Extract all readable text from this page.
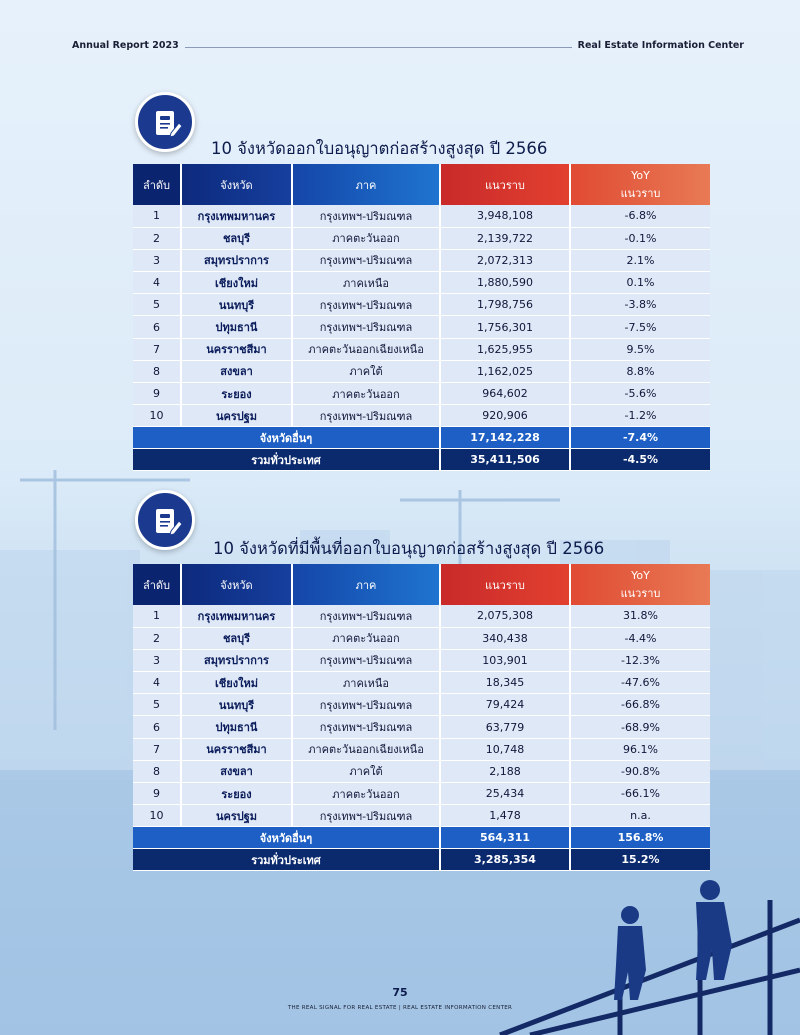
Annual Report 2023	Real Estate Information Center
10 จังหวัดออกใบอนุญาตก่อสร้างสูงสุด ปี 2566
ลำดับ	จังหวัด	ภาค	แนวราบ	YoY
แนวราบ

1	กรุงเทพมหานคร	กรุงเทพฯ-ปริมณฑล	3,948,108	-6.8%
2	ชลบุรี	ภาคตะวันออก	2,139,722	-0.1%
3	สมุทรปราการ	กรุงเทพฯ-ปริมณฑล	2,072,313	2.1%
4	เชียงใหม่	ภาคเหนือ	1,880,590	0.1%
5	นนทบุรี	กรุงเทพฯ-ปริมณฑล	1,798,756	-3.8%
6	ปทุมธานี	กรุงเทพฯ-ปริมณฑล	1,756,301	-7.5%
7	นครราชสีมา	ภาคตะวันออกเฉียงเหนือ	1,625,955	9.5%
8	สงขลา	ภาคใต้	1,162,025	8.8%
9	ระยอง	ภาคตะวันออก	964,602	-5.6%
10	นครปฐม	กรุงเทพฯ-ปริมณฑล	920,906	-1.2%
จังหวัดอื่นๆ			17,142,228	-7.4%
รวมทั่วประเทศ			35,411,506	-4.5%
10 จังหวัดที่มีพื้นที่ออกใบอนุญาตก่อสร้างสูงสุด ปี 2566
ลำดับ	จังหวัด	ภาค	แนวราบ	YoY
แนวราบ

1	กรุงเทพมหานคร	กรุงเทพฯ-ปริมณฑล	2,075,308	31.8%
2	ชลบุรี	ภาคตะวันออก	340,438	-4.4%
3	สมุทรปราการ	กรุงเทพฯ-ปริมณฑล	103,901	-12.3%
4	เชียงใหม่	ภาคเหนือ	18,345	-47.6%
5	นนทบุรี	กรุงเทพฯ-ปริมณฑล	79,424	-66.8%
6	ปทุมธานี	กรุงเทพฯ-ปริมณฑล	63,779	-68.9%
7	นครราชสีมา	ภาคตะวันออกเฉียงเหนือ	10,748	96.1%
8	สงขลา	ภาคใต้	2,188	-90.8%
9	ระยอง	ภาคตะวันออก	25,434	-66.1%
10	นครปฐม	กรุงเทพฯ-ปริมณฑล	1,478	n.a.
จังหวัดอื่นๆ			564,311	156.8%
รวมทั่วประเทศ			3,285,354	15.2%
75
THE REAL SIGNAL FOR REAL ESTATE | REAL ESTATE INFORMATION CENTER
